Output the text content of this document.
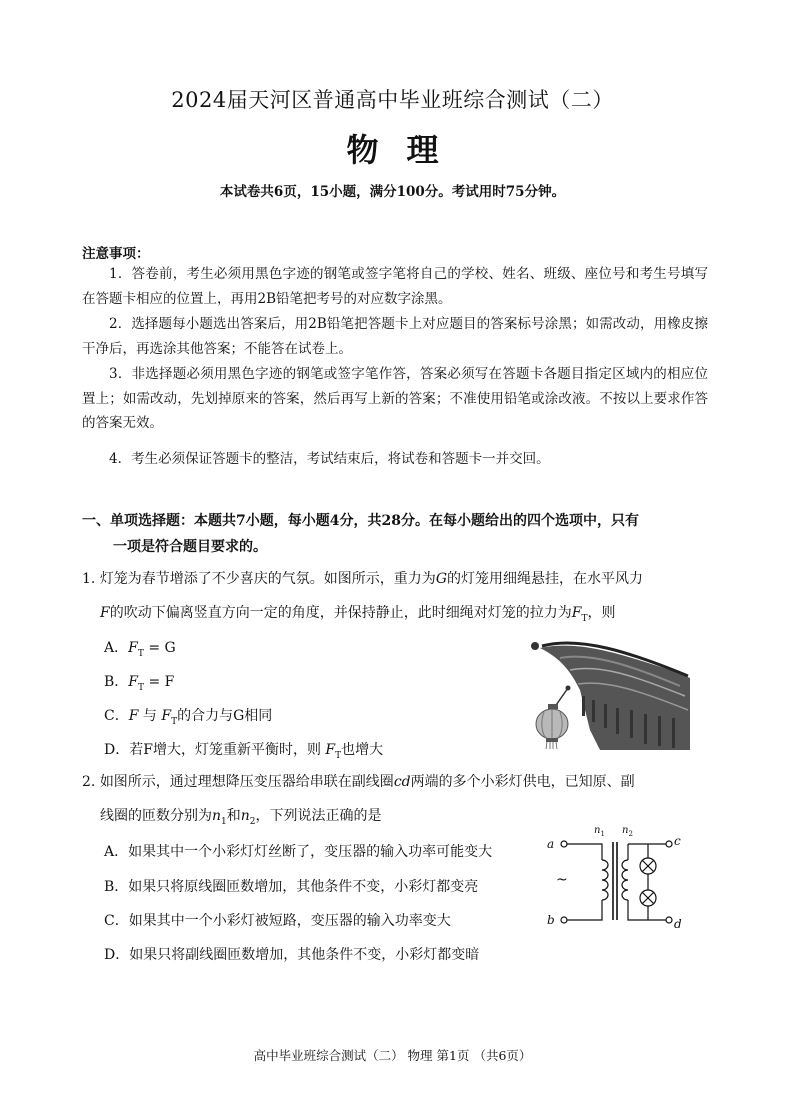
2024届天河区普通高中毕业班综合测试（二）
物理
本试卷共6页，15小题，满分100分。考试用时75分钟。
注意事项：
1．答卷前，考生必须用黑色字迹的钢笔或签字笔将自己的学校、姓名、班级、座位号和考生号填写在答题卡相应的位置上，再用2B铅笔把考号的对应数字涂黑。
2．选择题每小题选出答案后，用2B铅笔把答题卡上对应题目的答案标号涂黑；如需改动，用橡皮擦干净后，再选涂其他答案；不能答在试卷上。
3．非选择题必须用黑色字迹的钢笔或签字笔作答，答案必须写在答题卡各题目指定区域内的相应位置上；如需改动，先划掉原来的答案，然后再写上新的答案；不准使用铅笔或涂改液。不按以上要求作答的答案无效。
4．考生必须保证答题卡的整洁，考试结束后，将试卷和答题卡一并交回。
一、单项选择题：本题共7小题，每小题4分，共28分。在每小题给出的四个选项中，只有
一项是符合题目要求的。
1. 灯笼为春节增添了不少喜庆的气氛。如图所示，重力为G的灯笼用细绳悬挂，在水平风力
F的吹动下偏离竖直方向一定的角度，并保持静止，此时细绳对灯笼的拉力为$F_T$，则
A．$F_T = G$
B．$F_T = F$
C．F 与 $F_T$的合力与G相同
D．若F增大，灯笼重新平衡时，则 $F_T$也增大
2. 如图所示，通过理想降压变压器给串联在副线圈cd两端的多个小彩灯供电，已知原、副
线圈的匝数分别为$n_1$和$n_2$，下列说法正确的是
A．如果其中一个小彩灯灯丝断了，变压器的输入功率可能变大
B．如果只将原线圈匝数增加，其他条件不变，小彩灯都变亮
C．如果其中一个小彩灯被短路，变压器的输入功率变大
D．如果只将副线圈匝数增加，其他条件不变，小彩灯都变暗
a
b
c
d
$n_1$ $n_2$
~
高中毕业班综合测试（二） 物理 第1页 （共6页）
